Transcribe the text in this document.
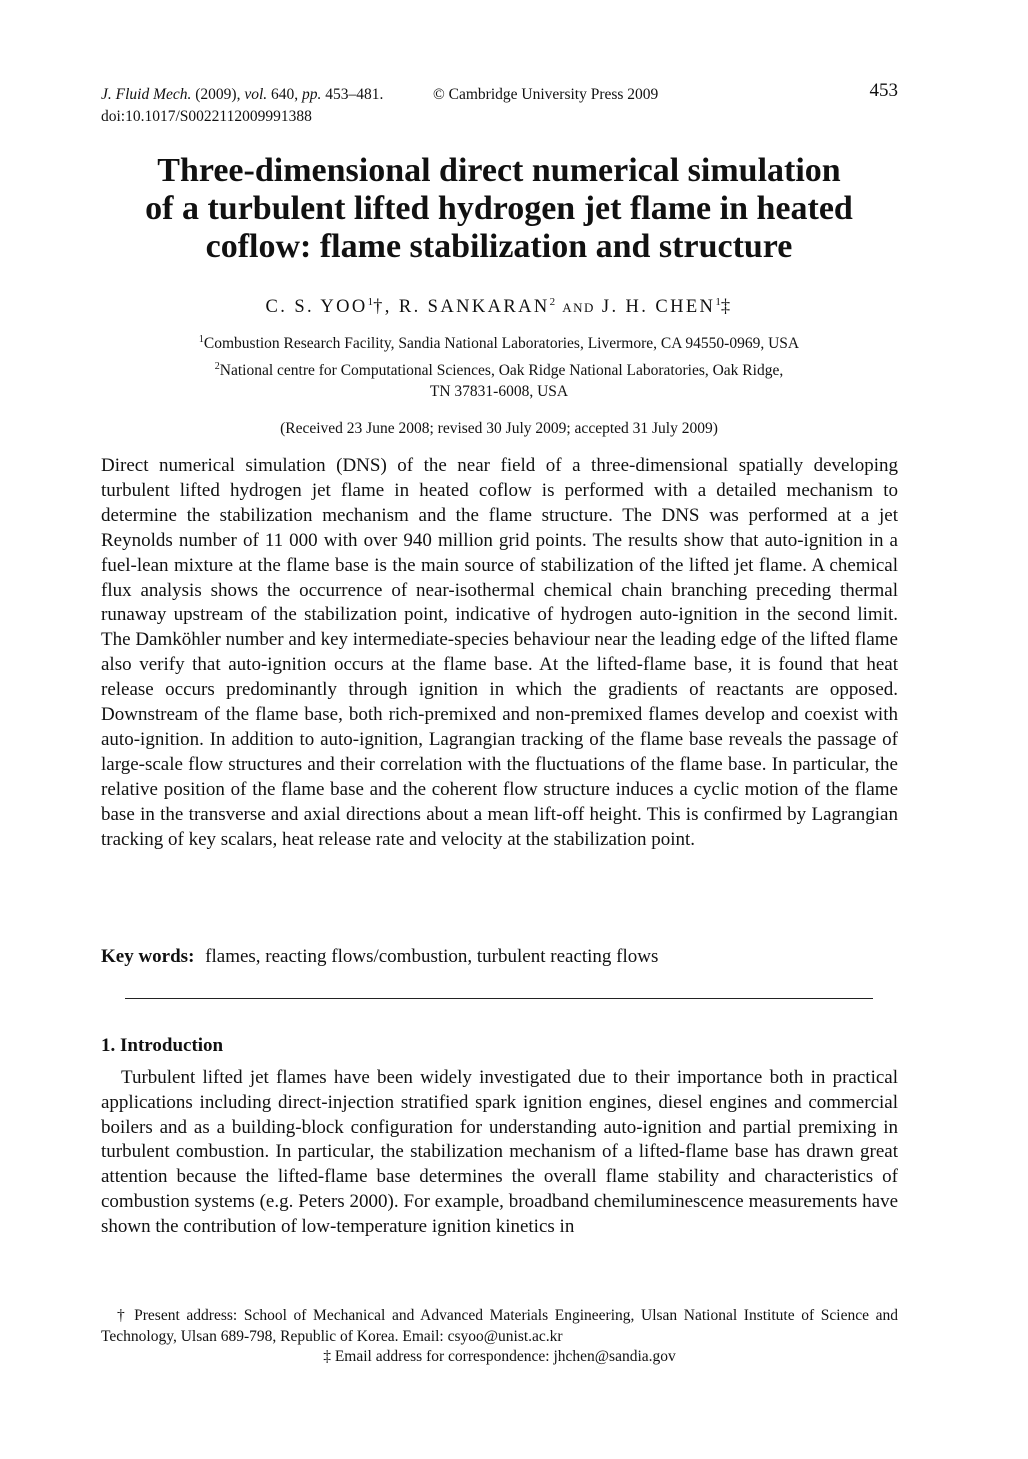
J. Fluid Mech. (2009), vol. 640, pp. 453–481.	© Cambridge University Press 2009	453
doi:10.1017/S0022112009991388
Three-dimensional direct numerical simulation
of a turbulent lifted hydrogen jet flame in heated
coflow: flame stabilization and structure
C. S. YOO$^1$†, R. SANKARAN$^2$ AND J. H. CHEN$^1$‡
$^1$Combustion Research Facility, Sandia National Laboratories, Livermore, CA 94550-0969, USA
$^2$National centre for Computational Sciences, Oak Ridge National Laboratories, Oak Ridge,
TN 37831-6008, USA
(Received 23 June 2008; revised 30 July 2009; accepted 31 July 2009)
Direct numerical simulation (DNS) of the near field of a three-dimensional spatially developing turbulent lifted hydrogen jet flame in heated coflow is performed with a detailed mechanism to determine the stabilization mechanism and the flame structure. The DNS was performed at a jet Reynolds number of 11 000 with over 940 million grid points. The results show that auto-ignition in a fuel-lean mixture at the flame base is the main source of stabilization of the lifted jet flame. A chemical flux analysis shows the occurrence of near-isothermal chemical chain branching preceding thermal runaway upstream of the stabilization point, indicative of hydrogen auto-ignition in the second limit. The Damköhler number and key intermediate-species behaviour near the leading edge of the lifted flame also verify that auto-ignition occurs at the flame base. At the lifted-flame base, it is found that heat release occurs predominantly through ignition in which the gradients of reactants are opposed. Downstream of the flame base, both rich-premixed and non-premixed flames develop and coexist with auto-ignition. In addition to auto-ignition, Lagrangian tracking of the flame base reveals the passage of large-scale flow structures and their correlation with the fluctuations of the flame base. In particular, the relative position of the flame base and the coherent flow structure induces a cyclic motion of the flame base in the transverse and axial directions about a mean lift-off height. This is confirmed by Lagrangian tracking of key scalars, heat release rate and velocity at the stabilization point.
Key words: flames, reacting flows/combustion, turbulent reacting flows
1. Introduction
Turbulent lifted jet flames have been widely investigated due to their importance both in practical applications including direct-injection stratified spark ignition engines, diesel engines and commercial boilers and as a building-block configuration for understanding auto-ignition and partial premixing in turbulent combustion. In particular, the stabilization mechanism of a lifted-flame base has drawn great attention because the lifted-flame base determines the overall flame stability and characteristics of combustion systems (e.g. Peters 2000). For example, broadband chemiluminescence measurements have shown the contribution of low-temperature ignition kinetics in
† Present address: School of Mechanical and Advanced Materials Engineering, Ulsan National Institute of Science and Technology, Ulsan 689-798, Republic of Korea. Email: csyoo@unist.ac.kr
‡ Email address for correspondence: jhchen@sandia.gov
